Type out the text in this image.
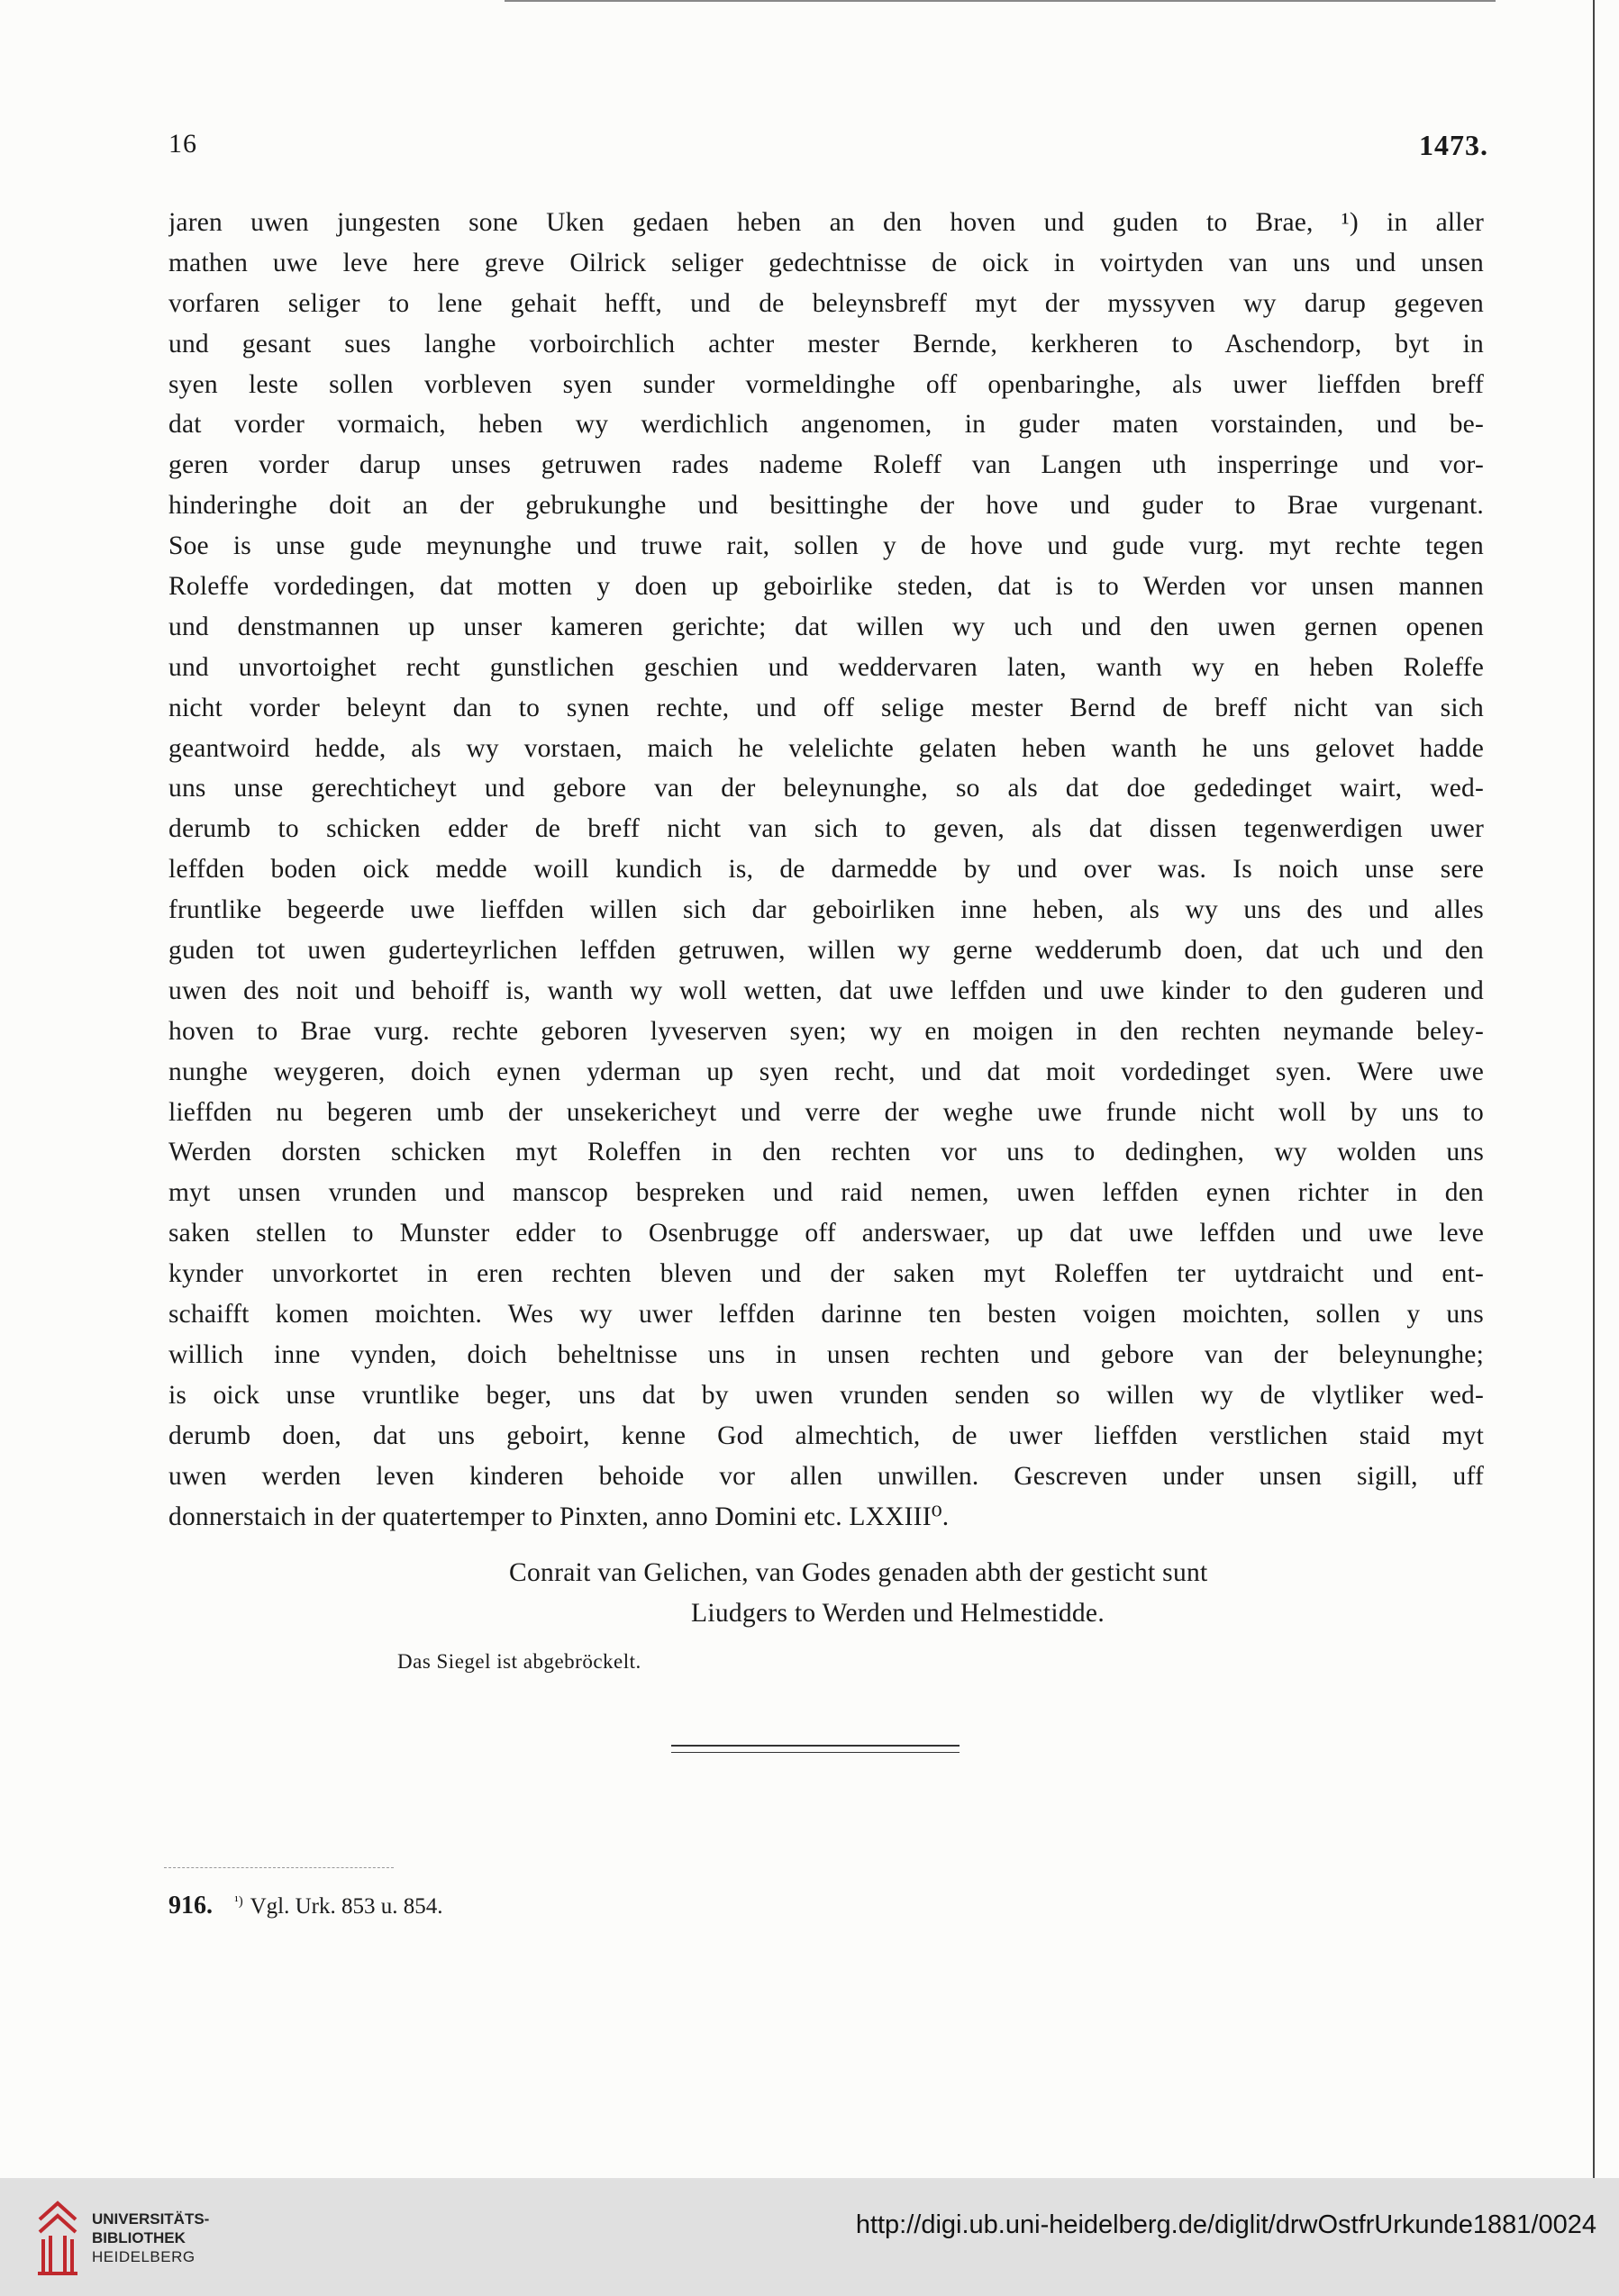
16	1473.
jaren uwen jungesten sone Uken gedaen heben an den hoven und guden to Brae, ¹) in aller
mathen uwe leve here greve Oilrick seliger gedechtnisse de oick in voirtyden van uns und unsen
vorfaren seliger to lene gehait hefft, und de beleynsbreff myt der myssyven wy darup gegeven
und gesant sues langhe vorboirchlich achter mester Bernde, kerkheren to Aschendorp, byt in
syen leste sollen vorbleven syen sunder vormeldinghe off openbaringhe, als uwer lieffden breff
dat vorder vormaich, heben wy werdichlich angenomen, in guder maten vorstainden, und be-
geren vorder darup unses getruwen rades nademe Roleff van Langen uth insperringe und vor-
hinderinghe doit an der gebrukunghe und besittinghe der hove und guder to Brae vurgenant.
Soe is unse gude meynunghe und truwe rait, sollen y de hove und gude vurg. myt rechte tegen
Roleffe vordedingen, dat motten y doen up geboirlike steden, dat is to Werden vor unsen mannen
und denstmannen up unser kameren gerichte; dat willen wy uch und den uwen gernen openen
und unvortoighet recht gunstlichen geschien und weddervaren laten, wanth wy en heben Roleffe
nicht vorder beleynt dan to synen rechte, und off selige mester Bernd de breff nicht van sich
geantwoird hedde, als wy vorstaen, maich he velelichte gelaten heben wanth he uns gelovet hadde
uns unse gerechticheyt und gebore van der beleynunghe, so als dat doe gededinget wairt, wed-
derumb to schicken edder de breff nicht van sich to geven, als dat dissen tegenwerdigen uwer
leffden boden oick medde woill kundich is, de darmedde by und over was. Is noich unse sere
fruntlike begeerde uwe lieffden willen sich dar geboirliken inne heben, als wy uns des und alles
guden tot uwen guderteyrlichen leffden getruwen, willen wy gerne wedderumb doen, dat uch und den
uwen des noit und behoiff is, wanth wy woll wetten, dat uwe leffden und uwe kinder to den guderen und
hoven to Brae vurg. rechte geboren lyveserven syen; wy en moigen in den rechten neymande beley-
nunghe weygeren, doich eynen yderman up syen recht, und dat moit vordedinget syen. Were uwe
lieffden nu begeren umb der unsekericheyt und verre der weghe uwe frunde nicht woll by uns to
Werden dorsten schicken myt Roleffen in den rechten vor uns to dedinghen, wy wolden uns
myt unsen vrunden und manscop bespreken und raid nemen, uwen leffden eynen richter in den
saken stellen to Munster edder to Osenbrugge off anderswaer, up dat uwe leffden und uwe leve
kynder unvorkortet in eren rechten bleven und der saken myt Roleffen ter uytdraicht und ent-
schaifft komen moichten. Wes wy uwer leffden darinne ten besten voigen moichten, sollen y uns
willich inne vynden, doich beheltnisse uns in unsen rechten und gebore van der beleynunghe;
is oick unse vruntlike beger, uns dat by uwen vrunden senden so willen wy de vlytliker wed-
derumb doen, dat uns geboirt, kenne God almechtich, de uwer lieffden verstlichen staid myt
uwen werden leven kinderen behoide vor allen unwillen. Gescreven under unsen sigill, uff
donnerstaich in der quatertemper to Pinxten, anno Domini etc. LXXIII⁰.
Conrait van Gelichen, van Godes genaden abth der gesticht sunt
Liudgers to Werden und Helmestidde.
Das Siegel ist abgebröckelt.
916. $^{^1)}$ Vgl. Urk. 853 u. 854.
UNIVERSITÄTS-
BIBLIOTHEK
HEIDELBERG
http://digi.ub.uni-heidelberg.de/diglit/drwOstfrUrkunde1881/0024
